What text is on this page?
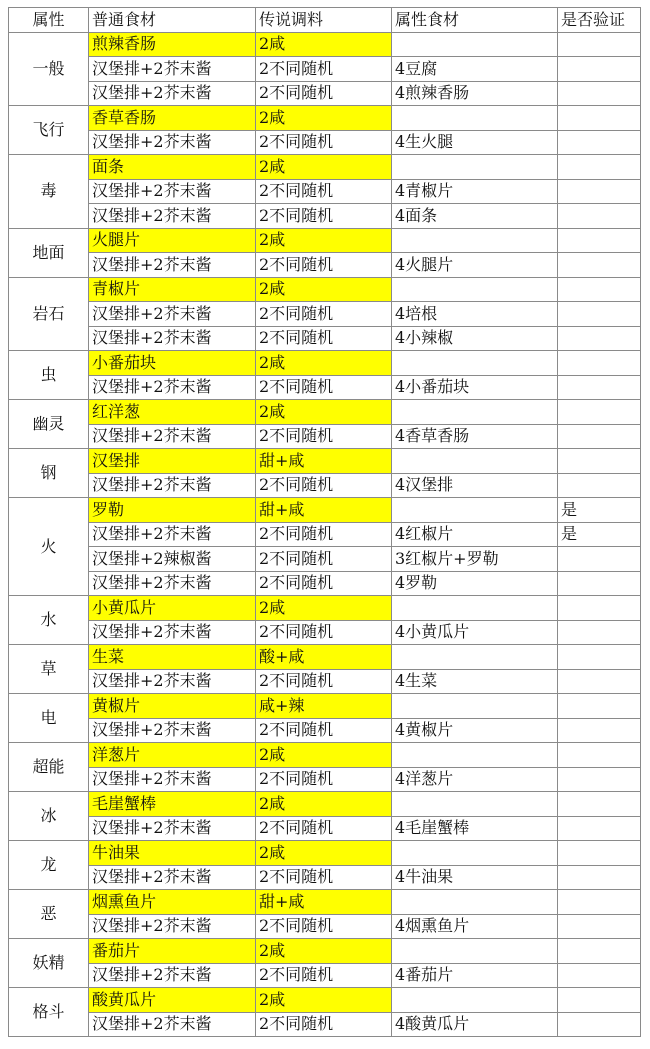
属性	普通食材	传说调料	属性食材	是否验证
一般	煎辣香肠	2咸		
	汉堡排+2芥末酱	2不同随机	4豆腐	
	汉堡排+2芥末酱	2不同随机	4煎辣香肠	
飞行	香草香肠	2咸		
	汉堡排+2芥末酱	2不同随机	4生火腿	
毒	面条	2咸		
	汉堡排+2芥末酱	2不同随机	4青椒片	
	汉堡排+2芥末酱	2不同随机	4面条	
地面	火腿片	2咸		
	汉堡排+2芥末酱	2不同随机	4火腿片	
岩石	青椒片	2咸		
	汉堡排+2芥末酱	2不同随机	4培根	
	汉堡排+2芥末酱	2不同随机	4小辣椒	
虫	小番茄块	2咸		
	汉堡排+2芥末酱	2不同随机	4小番茄块	
幽灵	红洋葱	2咸		
	汉堡排+2芥末酱	2不同随机	4香草香肠	
钢	汉堡排	甜+咸		
	汉堡排+2芥末酱	2不同随机	4汉堡排	
火	罗勒	甜+咸		是
	汉堡排+2芥末酱	2不同随机	4红椒片	是
	汉堡排+2辣椒酱	2不同随机	3红椒片+罗勒	
	汉堡排+2芥末酱	2不同随机	4罗勒	
水	小黄瓜片	2咸		
	汉堡排+2芥末酱	2不同随机	4小黄瓜片	
草	生菜	酸+咸		
	汉堡排+2芥末酱	2不同随机	4生菜	
电	黄椒片	咸+辣		
	汉堡排+2芥末酱	2不同随机	4黄椒片	
超能	洋葱片	2咸		
	汉堡排+2芥末酱	2不同随机	4洋葱片	
冰	毛崖蟹棒	2咸		
	汉堡排+2芥末酱	2不同随机	4毛崖蟹棒	
龙	牛油果	2咸		
	汉堡排+2芥末酱	2不同随机	4牛油果	
恶	烟熏鱼片	甜+咸		
	汉堡排+2芥末酱	2不同随机	4烟熏鱼片	
妖精	番茄片	2咸		
	汉堡排+2芥末酱	2不同随机	4番茄片	
格斗	酸黄瓜片	2咸		
	汉堡排+2芥末酱	2不同随机	4酸黄瓜片	
